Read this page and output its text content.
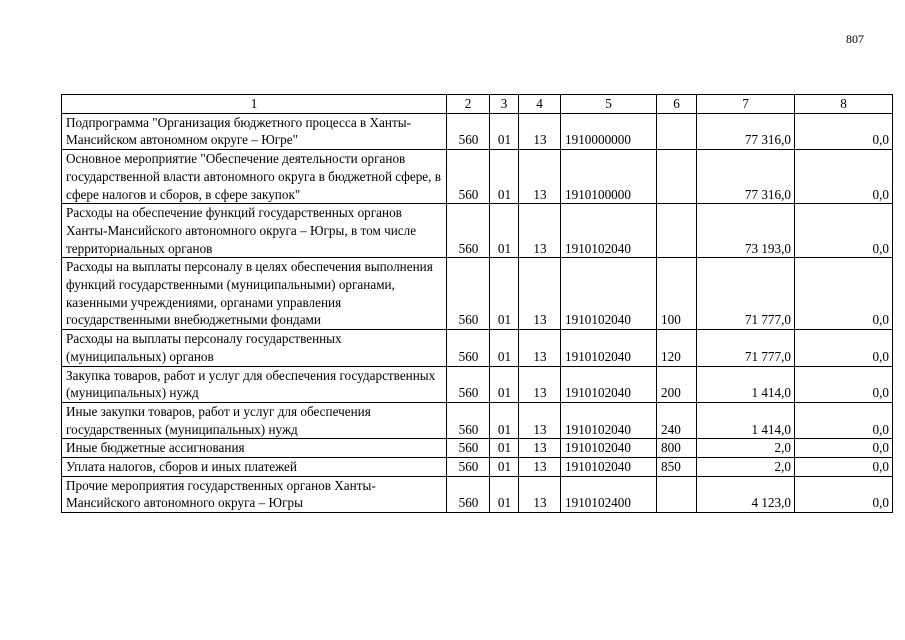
807
1	2	3	4	5	6	7	8
Подпрограмма "Организация бюджетного процесса в Ханты-Мансийском автономном округе – Югре"	560	01	13	1910000000		77 316,0	0,0
Основное мероприятие "Обеспечение деятельности органов государственной власти автономного округа в бюджетной сфере, в сфере налогов и сборов, в сфере закупок"	560	01	13	1910100000		77 316,0	0,0
Расходы на обеспечение функций государственных органов Ханты-Мансийского автономного округа – Югры, в том числе территориальных органов	560	01	13	1910102040		73 193,0	0,0
Расходы на выплаты персоналу в целях обеспечения выполнения функций государственными (муниципальными) органами, казенными учреждениями, органами управления государственными внебюджетными фондами	560	01	13	1910102040	100	71 777,0	0,0
Расходы на выплаты персоналу государственных (муниципальных) органов	560	01	13	1910102040	120	71 777,0	0,0
Закупка товаров, работ и услуг для обеспечения государственных (муниципальных) нужд	560	01	13	1910102040	200	1 414,0	0,0
Иные закупки товаров, работ и услуг для обеспечения государственных (муниципальных) нужд	560	01	13	1910102040	240	1 414,0	0,0
Иные бюджетные ассигнования	560	01	13	1910102040	800	2,0	0,0
Уплата налогов, сборов и иных платежей	560	01	13	1910102040	850	2,0	0,0
Прочие мероприятия государственных органов Ханты-Мансийского автономного округа – Югры	560	01	13	1910102400		4 123,0	0,0
